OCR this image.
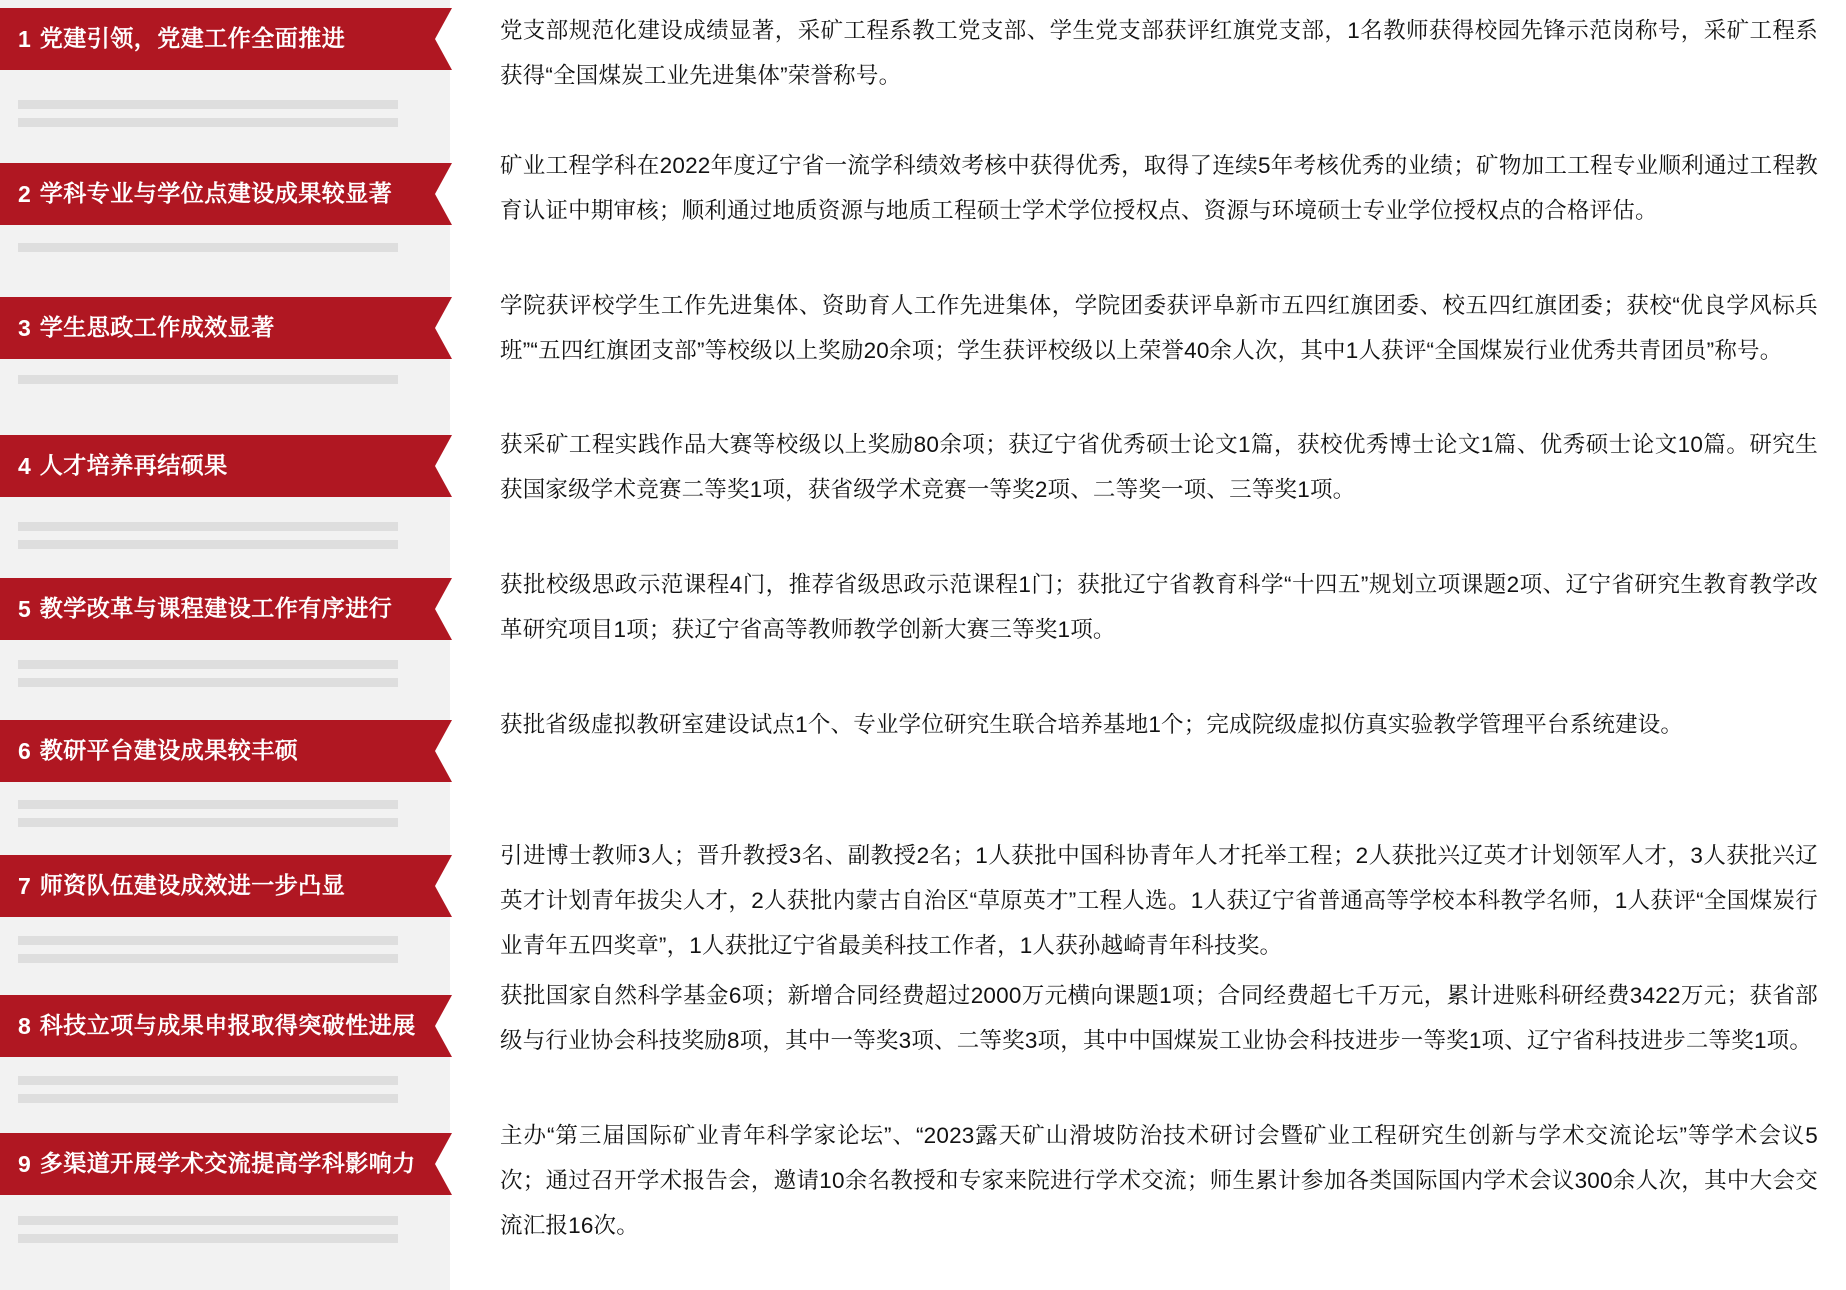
1 党建引领，党建工作全面推进
2 学科专业与学位点建设成果较显著
3 学生思政工作成效显著
4 人才培养再结硕果
5 教学改革与课程建设工作有序进行
6 教研平台建设成果较丰硕
7 师资队伍建设成效进一步凸显
8 科技立项与成果申报取得突破性进展
9 多渠道开展学术交流提高学科影响力
党支部规范化建设成绩显著，采矿工程系教工党支部、学生党支部获评红旗党支部，1名教师获得校园先锋示范岗称号，采矿工程系获得“全国煤炭工业先进集体”荣誉称号。
矿业工程学科在2022年度辽宁省一流学科绩效考核中获得优秀，取得了连续5年考核优秀的业绩；矿物加工工程专业顺利通过工程教育认证中期审核；顺利通过地质资源与地质工程硕士学术学位授权点、资源与环境硕士专业学位授权点的合格评估。
学院获评校学生工作先进集体、资助育人工作先进集体，学院团委获评阜新市五四红旗团委、校五四红旗团委；获校“优良学风标兵班”“五四红旗团支部”等校级以上奖励20余项；学生获评校级以上荣誉40余人次，其中1人获评“全国煤炭行业优秀共青团员”称号。
获采矿工程实践作品大赛等校级以上奖励80余项；获辽宁省优秀硕士论文1篇，获校优秀博士论文1篇、优秀硕士论文10篇。研究生获国家级学术竞赛二等奖1项，获省级学术竞赛一等奖2项、二等奖一项、三等奖1项。
获批校级思政示范课程4门，推荐省级思政示范课程1门；获批辽宁省教育科学“十四五”规划立项课题2项、辽宁省研究生教育教学改革研究项目1项；获辽宁省高等教师教学创新大赛三等奖1项。
获批省级虚拟教研室建设试点1个、专业学位研究生联合培养基地1个；完成院级虚拟仿真实验教学管理平台系统建设。
引进博士教师3人；晋升教授3名、副教授2名；1人获批中国科协青年人才托举工程；2人获批兴辽英才计划领军人才，3人获批兴辽英才计划青年拔尖人才，2人获批内蒙古自治区“草原英才”工程人选。1人获辽宁省普通高等学校本科教学名师，1人获评“全国煤炭行业青年五四奖章”，1人获批辽宁省最美科技工作者，1人获孙越崎青年科技奖。
获批国家自然科学基金6项；新增合同经费超过2000万元横向课题1项；合同经费超七千万元，累计进账科研经费3422万元；获省部级与行业协会科技奖励8项，其中一等奖3项、二等奖3项，其中中国煤炭工业协会科技进步一等奖1项、辽宁省科技进步二等奖1项。
主办“第三届国际矿业青年科学家论坛”、“2023露天矿山滑坡防治技术研讨会暨矿业工程研究生创新与学术交流论坛”等学术会议5次；通过召开学术报告会，邀请10余名教授和专家来院进行学术交流；师生累计参加各类国际国内学术会议300余人次，其中大会交流汇报16次。
